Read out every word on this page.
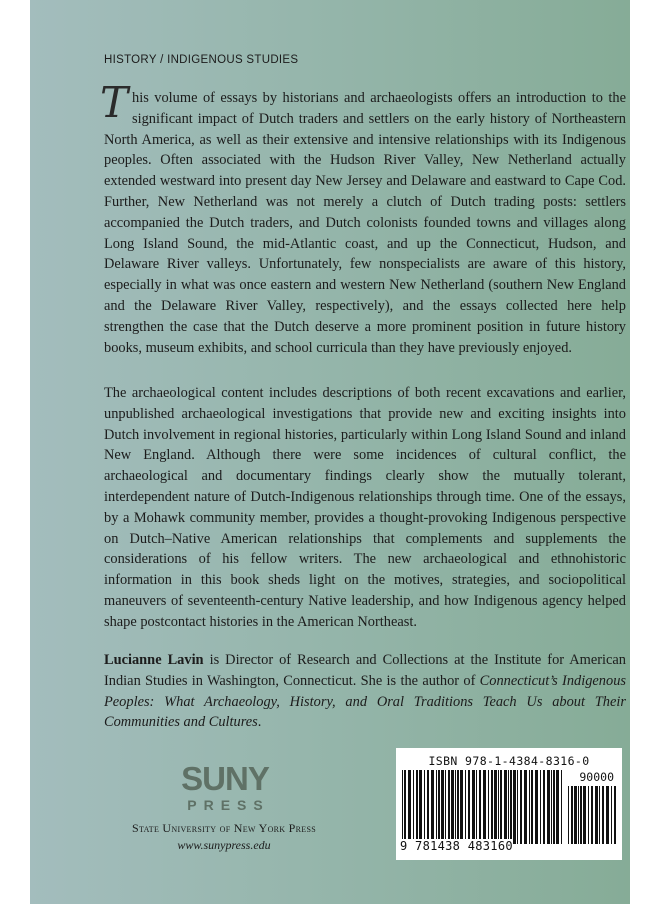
HISTORY / INDIGENOUS STUDIES

This volume of essays by historians and archaeologists offers an introduction to the significant impact of Dutch traders and settlers on the early history of Northeastern North America, as well as their extensive and intensive relationships with its Indigenous peoples. Often associated with the Hudson River Valley, New Netherland actually extended westward into present day New Jersey and Delaware and eastward to Cape Cod. Further, New Netherland was not merely a clutch of Dutch trading posts: settlers accompanied the Dutch traders, and Dutch colonists founded towns and villages along Long Island Sound, the mid-Atlantic coast, and up the Connecticut, Hudson, and Delaware River valleys. Unfortunately, few nonspecialists are aware of this history, especially in what was once eastern and western New Netherland (southern New England and the Delaware River Valley, respectively), and the essays collected here help strengthen the case that the Dutch deserve a more prominent position in future history books, museum exhibits, and school curricula than they have previously enjoyed.

The archaeological content includes descriptions of both recent excavations and earlier, unpublished archaeological investigations that provide new and exciting insights into Dutch involvement in regional histories, particularly within Long Island Sound and inland New England. Although there were some incidences of cultural conflict, the archaeological and documentary findings clearly show the mutually tolerant, interdependent nature of Dutch-Indigenous relationships through time. One of the essays, by a Mohawk community member, provides a thought-provoking Indigenous perspective on Dutch–Native American relationships that complements and supplements the considerations of his fellow writers. The new archaeological and ethnohistoric information in this book sheds light on the motives, strategies, and sociopolitical maneuvers of seventeenth-century Native leadership, and how Indigenous agency helped shape postcontact histories in the American Northeast.

Lucianne Lavin is Director of Research and Collections at the Institute for American Indian Studies in Washington, Connecticut. She is the author of Connecticut’s Indigenous Peoples: What Archaeology, History, and Oral Traditions Teach Us about Their Communities and Cultures.

SUNY
PRESS
State University of New York Press
www.sunypress.edu
ISBN 978-1-4384-8316-0
90000
9 781438 483160
